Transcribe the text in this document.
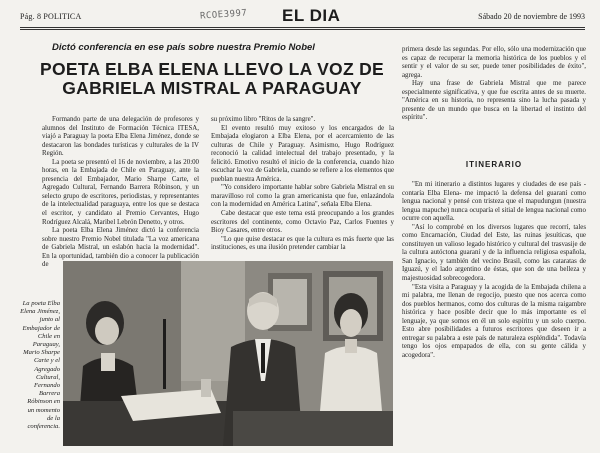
Pág. 8 POLITICA	RCOE3997 EL DIA	Sábado 20 de noviembre de 1993
Dictó conferencia en ese país sobre nuestra Premio Nobel
POETA ELBA ELENA LLEVO LA VOZ DE GABRIELA MISTRAL A PARAGUAY

Formando parte de una delegación de profesores y alumnos del Instituto de Formación Técnica ITESA, viajó a Paraguay la poeta Elba Elena Jiménez, donde se destacaron las bondades turísticas y culturales de la IV Región.

La poeta se presentó el 16 de noviembre, a las 20:00 horas, en la Embajada de Chile en Paraguay, ante la presencia del Embajador, Mario Sharpe Carte, el Agregado Cultural, Fernando Barrera Róbinson, y un selecto grupo de escritores, periodistas, y representantes de la intelectualidad paraguaya, entre los que se destaca el escritor, y candidato al Premio Cervantes, Hugo Rodríguez Alcalá, Maribel Lebrón Denetto, y otros.

La poeta Elba Elena Jiménez dictó la conferencia sobre nuestro Premio Nobel titulada "La voz americana de Gabriela Mistral, un eslabón hacia la modernidad". En la oportunidad, también dio a conocer la publicación de

su próximo libro "Ritos de la sangre".

El evento resultó muy exitoso y los encargados de la Embajada elogiaron a Elba Elena, por el acercamiento de las culturas de Chile y Paraguay. Asimismo, Hugo Rodríguez reconoció la calidad intelectual del trabajo presentado, y la felicitó. Emotivo resultó el inicio de la conferencia, cuando hizo escuchar la voz de Gabriela, cuando se refiere a los elementos que pueblan nuestra América.

"Yo considero importante hablar sobre Gabriela Mistral en su maravilloso rol como la gran americanista que fue, enlazándola con la modernidad en América Latina", señala Elba Elena.

Cabe destacar que este tema está preocupando a los grandes escritores del continente, como Octavio Paz, Carlos Fuentes y Bioy Casares, entre otros.

"Lo que quise destacar es que la cultura es más fuerte que las instituciones, es una ilusión pretender cambiar la

primera desde las segundas. Por ello, sólo una modernización que es capaz de recuperar la memoria histórica de los pueblos y el sentir y el valor de su ser, puede tener posibilidades de éxito", agrega.

Hay una frase de Gabriela Mistral que me parece especialmente significativa, y que fue escrita antes de su muerte. "América en su historia, no representa sino la lucha pasada y presente de un mundo que busca en la libertad el instinto del espíritu".

ITINERARIO

"En mi itinerario a distintos lugares y ciudades de ese país -contaría Elba Elena- me impactó la defensa del guaraní como lengua nacional y pensé con tristeza que el mapudungun (nuestra lengua mapuche) nunca ocuparía el sitial de lengua nacional como ocurre con aquella.

"Así lo comprobé en los diversos lugares que recorrí, tales como Encarnación, Ciudad del Este, las ruinas jesuíticas, que constituyen un valioso legado histórico y cultural del trasvasije de la cultura autóctona guaraní y de la influencia religiosa española, San Ignacio, y también del vecino Brasil, como las cataratas de Iguazú, y el lado argentino de éstas, que son de una belleza y majestuosidad sobrecogedora.

"Esta visita a Paraguay y la acogida de la Embajada chilena a mi palabra, me llenan de regocijo, puesto que nos acerca como dos pueblos hermanos, como dos culturas de la misma raigambre histórica y hace posible decir que lo más importante es el lenguaje, ya que somos en él un solo espíritu y un solo cuerpo. Esto abre posibilidades a futuros escritores que deseen ir a entregar su palabra a este país de naturaleza espléndida". Todavía tengo los ojos empapados de ella, con su gente cálida y acogedora".

La poeta Elba Elena Jiménez, junto al Embajador de Chile en Paraguay, Mario Sharpe Carte y el Agregado Cultural, Fernando Barrera Róbinson en un momento de la conferencia.
